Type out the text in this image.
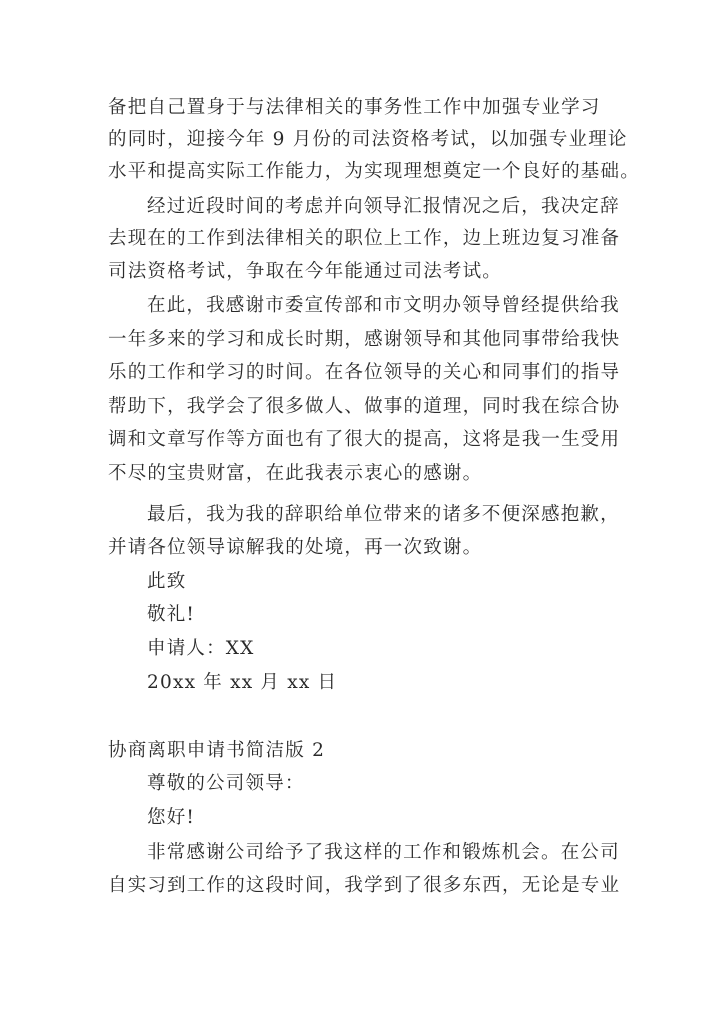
备把自己置身于与法律相关的事务性工作中加强专业学习
的同时，迎接今年 9 月份的司法资格考试，以加强专业理论
水平和提高实际工作能力，为实现理想奠定一个良好的基础。
经过近段时间的考虑并向领导汇报情况之后，我决定辞
去现在的工作到法律相关的职位上工作，边上班边复习准备
司法资格考试，争取在今年能通过司法考试。
在此，我感谢市委宣传部和市文明办领导曾经提供给我
一年多来的学习和成长时期，感谢领导和其他同事带给我快
乐的工作和学习的时间。在各位领导的关心和同事们的指导
帮助下，我学会了很多做人、做事的道理，同时我在综合协
调和文章写作等方面也有了很大的提高，这将是我一生受用
不尽的宝贵财富，在此我表示衷心的感谢。
最后，我为我的辞职给单位带来的诸多不便深感抱歉，
并请各位领导谅解我的处境，再一次致谢。
此致
敬礼!
申请人：XX
20xx 年 xx 月 xx 日
协商离职申请书简洁版 2
尊敬的公司领导：
您好!
非常感谢公司给予了我这样的工作和锻炼机会。在公司
自实习到工作的这段时间，我学到了很多东西，无论是专业
